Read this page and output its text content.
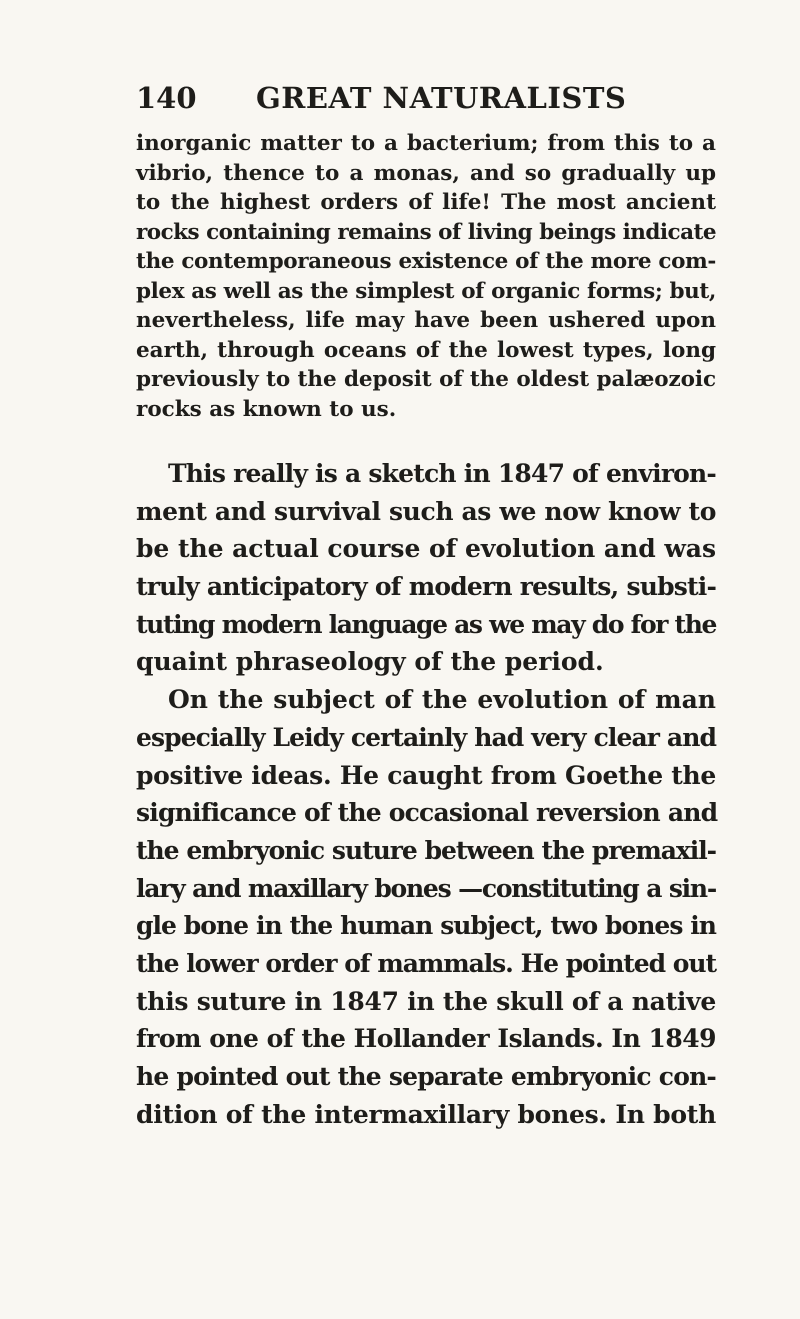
140 GREAT NATURALISTS
inorganic matter to a bacterium; from this to a
vibrio, thence to a monas, and so gradually up
to the highest orders of life! The most ancient
rocks containing remains of living beings indicate
the contemporaneous existence of the more com-
plex as well as the simplest of organic forms; but,
nevertheless, life may have been ushered upon
earth, through oceans of the lowest types, long
previously to the deposit of the oldest palæozoic
rocks as known to us.
This really is a sketch in 1847 of environ-
ment and survival such as we now know to
be the actual course of evolution and was
truly anticipatory of modern results, substi-
tuting modern language as we may do for the
quaint phraseology of the period.
On the subject of the evolution of man
especially Leidy certainly had very clear and
positive ideas. He caught from Goethe the
significance of the occasional reversion and
the embryonic suture between the premaxil-
lary and maxillary bones —constituting a sin-
gle bone in the human subject, two bones in
the lower order of mammals. He pointed out
this suture in 1847 in the skull of a native
from one of the Hollander Islands. In 1849
he pointed out the separate embryonic con-
dition of the intermaxillary bones. In both
